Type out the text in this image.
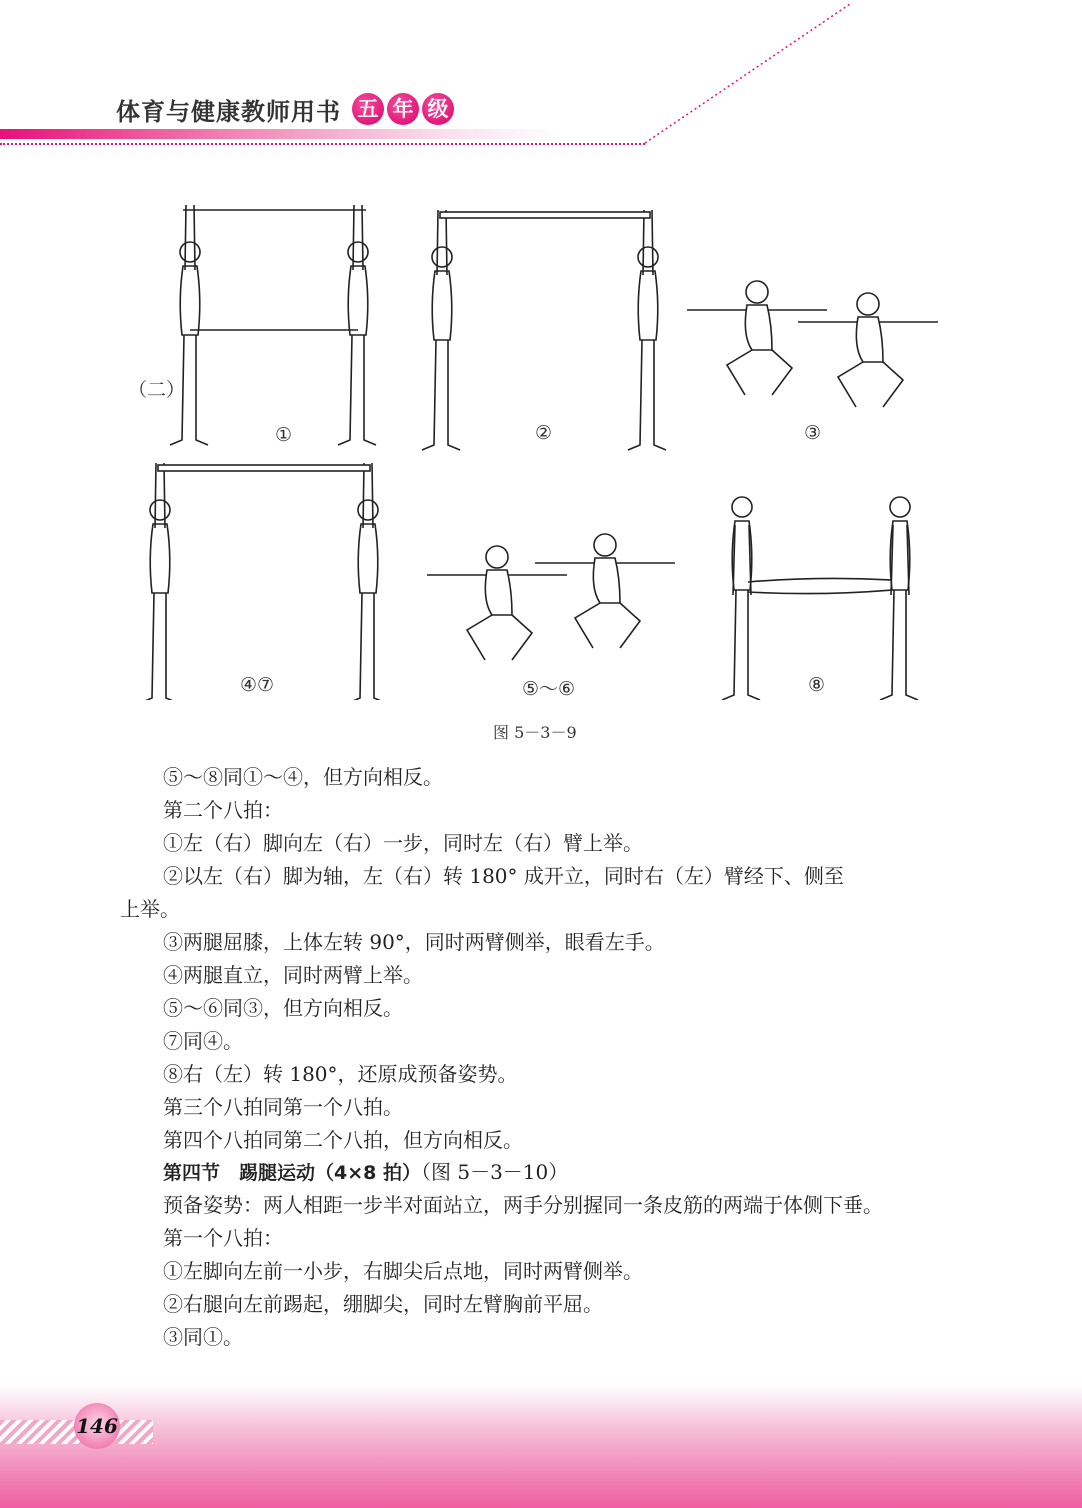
体育与健康教师用书 五 年 级
（二）
①	②	③
④⑦	⑤～⑥	⑧
图 5－3－9
⑤～⑧同①～④，但方向相反。
第二个八拍：
①左（右）脚向左（右）一步，同时左（右）臂上举。
②以左（右）脚为轴，左（右）转 180° 成开立，同时右（左）臂经下、侧至
上举。
③两腿屈膝，上体左转 90°，同时两臂侧举，眼看左手。
④两腿直立，同时两臂上举。
⑤～⑥同③，但方向相反。
⑦同④。
⑧右（左）转 180°，还原成预备姿势。
第三个八拍同第一个八拍。
第四个八拍同第二个八拍，但方向相反。
第四节　踢腿运动（4×8 拍）（图 5－3－10）
预备姿势：两人相距一步半对面站立，两手分别握同一条皮筋的两端于体侧下垂。
第一个八拍：
①左脚向左前一小步，右脚尖后点地，同时两臂侧举。
②右腿向左前踢起，绷脚尖，同时左臂胸前平屈。
③同①。
146
